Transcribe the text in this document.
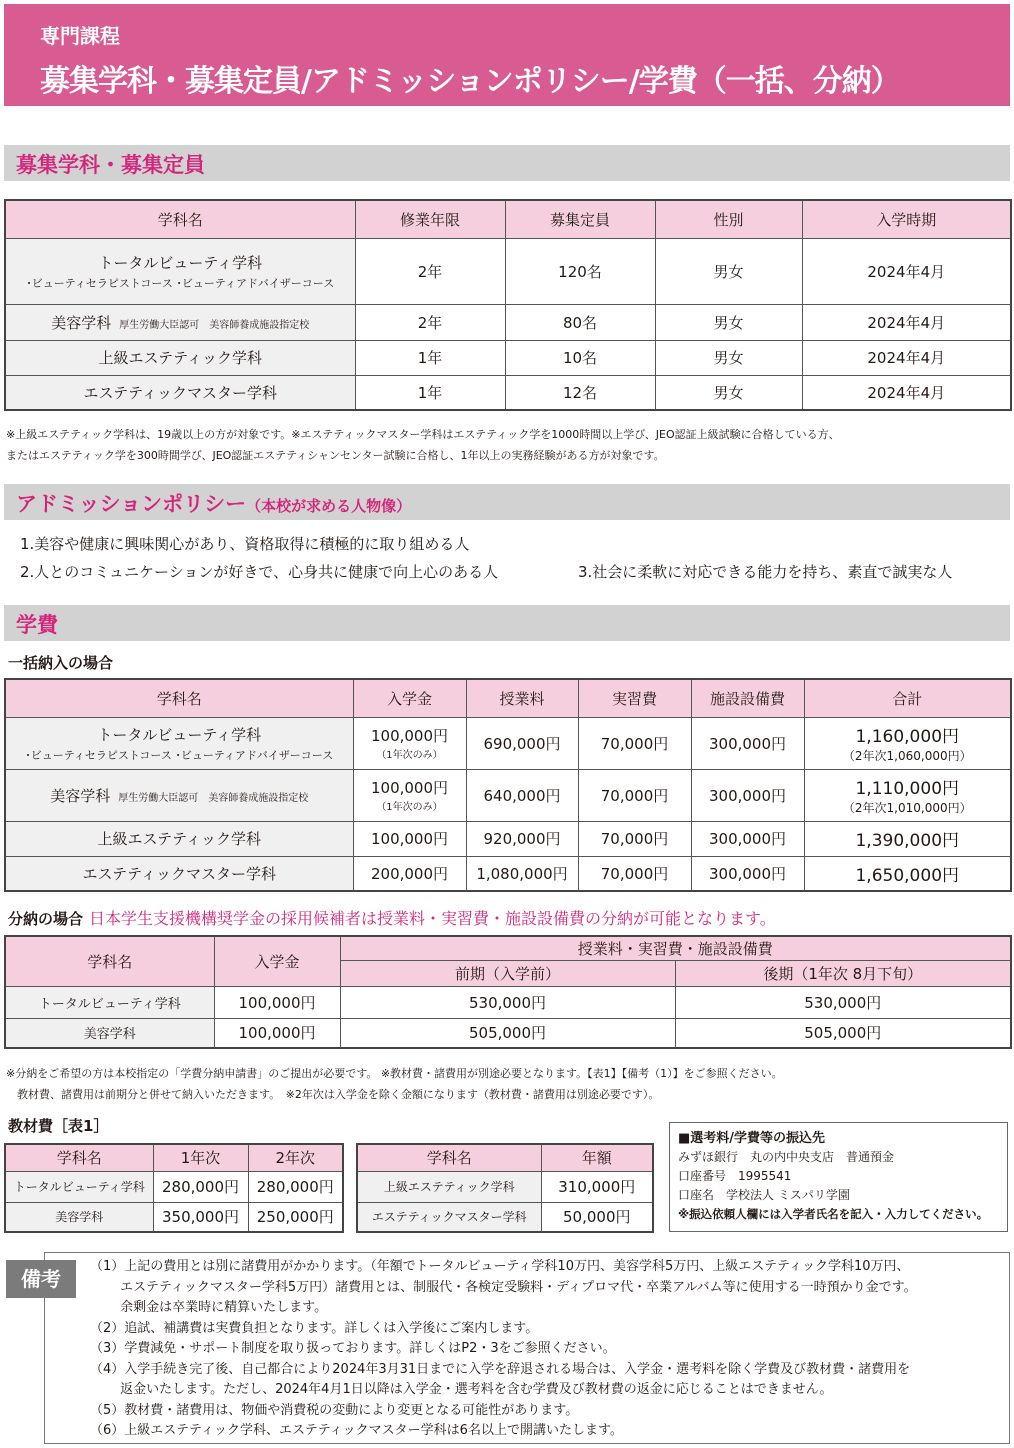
専門課程
募集学科・募集定員/アドミッションポリシー/学費（一括、分納）
募集学科・募集定員
学科名	修業年限	募集定員	性別	入学時期

トータルビューティ学科
･ビューティセラピストコース ･ビューティアドバイザーコース	2年	120名	男女	2024年4月
美容学科 厚生労働大臣認可　美容師養成施設指定校	2年	80名	男女	2024年4月
上級エステティック学科	1年	10名	男女	2024年4月
エステティックマスター学科	1年	12名	男女	2024年4月
※上級エステティック学科は、19歳以上の方が対象です。※エステティックマスター学科はエステティック学を1000時間以上学び、JEO認証上級試験に合格している方、
またはエステティック学を300時間学び、JEO認証エステティシャンセンター試験に合格し、1年以上の実務経験がある方が対象です。
アドミッションポリシー（本校が求める人物像）
1.美容や健康に興味関心があり、資格取得に積極的に取り組める人
2.人とのコミュニケーションが好きで、心身共に健康で向上心のある人	3.社会に柔軟に対応できる能力を持ち、素直で誠実な人
学費
一括納入の場合
学科名	入学金	授業料	実習費	施設設備費	合計

トータルビューティ学科
･ビューティセラピストコース ･ビューティアドバイザーコース	100,000円
（1年次のみ）	690,000円	70,000円	300,000円	1,160,000円
（2年次1,060,000円）

美容学科 厚生労働大臣認可　美容師養成施設指定校	100,000円
（1年次のみ）	640,000円	70,000円	300,000円	1,110,000円
（2年次1,010,000円）

上級エステティック学科	100,000円	920,000円	70,000円	300,000円	1,390,000円
エステティックマスター学科	200,000円	1,080,000円	70,000円	300,000円	1,650,000円
分納の場合 日本学生支援機構奨学金の採用候補者は授業料・実習費・施設設備費の分納が可能となります。
学科名	入学金	授業料・実習費・施設設備費	
		前期（入学前）	後期（1年次 8月下旬）
トータルビューティ学科	100,000円	530,000円	530,000円
美容学科	100,000円	505,000円	505,000円
※分納をご希望の方は本校指定の「学費分納申請書」のご提出が必要です。 ※教材費・諸費用が別途必要となります。【表1】【備考（1）】をご参照ください。
　教材費、諸費用は前期分と併せて納入いただきます。　※2年次は入学金を除く金額になります（教材費・諸費用は別途必要です）。
教材費［表1］
学科名	1年次	2年次
トータルビューティ学科	280,000円	280,000円
美容学科	350,000円	250,000円
学科名	年額
上級エステティック学科	310,000円
エステティックマスター学科	50,000円
■選考料/学費等の振込先
みずほ銀行　丸の内中央支店　普通預金
口座番号　1995541
口座名　学校法人 ミスパリ学園
※振込依頼人欄には入学者氏名を記入・入力してください。
備考
（1）上記の費用とは別に諸費用がかかります。（年額でトータルビューティ学科10万円、美容学科5万円、上級エステティック学科10万円、
　　 エステティックマスター学科5万円）諸費用とは、制服代・各検定受験料・ディプロマ代・卒業アルバム等に使用する一時預かり金です。
　　 余剰金は卒業時に精算いたします。
（2）追試、補講費は実費負担となります。詳しくは入学後にご案内します。
（3）学費減免・サポート制度を取り扱っております。詳しくはP2・3をご参照ください。
（4）入学手続き完了後、自己都合により2024年3月31日までに入学を辞退される場合は、入学金・選考料を除く学費及び教材費・諸費用を
　　 返金いたします。ただし、2024年4月1日以降は入学金・選考料を含む学費及び教材費の返金に応じることはできません。
（5）教材費・諸費用は、物価や消費税の変動により変更となる可能性があります。
（6）上級エステティック学科、エステティックマスター学科は6名以上で開講いたします。
